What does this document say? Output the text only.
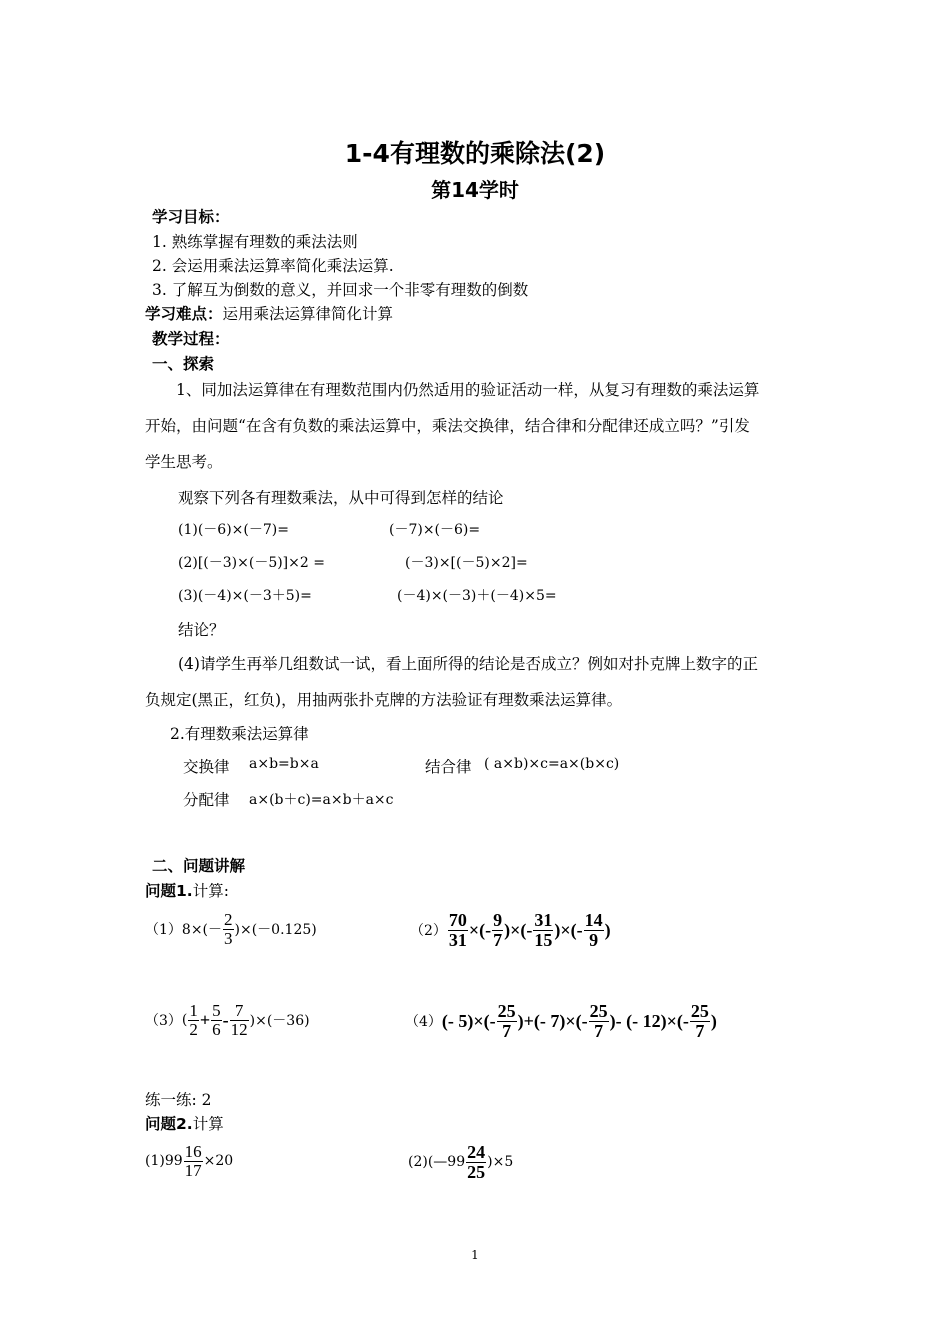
1-4有理数的乘除法(2)
第14学时
学习目标：
1. 熟练掌握有理数的乘法法则
2. 会运用乘法运算率简化乘法运算.
3. 了解互为倒数的意义，并回求一个非零有理数的倒数
学习难点：运用乘法运算律简化计算
教学过程：
一、探索
1、同加法运算律在有理数范围内仍然适用的验证活动一样，从复习有理数的乘法运算
开始，由问题“在含有负数的乘法运算中，乘法交换律，结合律和分配律还成立吗？”引发
学生思考。
观察下列各有理数乘法，从中可得到怎样的结论
(1)(－6)×(－7)=	(－7)×(－6)=
(2)[(－3)×(－5)]×2 =	(－3)×[(－5)×2]=
(3)(－4)×(－3＋5)=	(－4)×(－3)＋(－4)×5=
结论？
(4)请学生再举几组数试一试，看上面所得的结论是否成立？例如对扑克牌上数字的正
负规定(黑正，红负)，用抽两张扑克牌的方法验证有理数乘法运算律。
2.有理数乘法运算律
交换律 a×b=b×a	结合律 ( a×b)×c=a×(b×c)
分配律 a×(b＋c)=a×b＋a×c
二、问题讲解
问题1.计算:
（1） $8\times(- \frac{2}{3} )\times(-0.125)$	$(2) \frac{70}{31}$ ×(- $\frac{9}{7}$ )×(- $\frac{31}{15}$ )×(- $\frac{14}{9}$ )
（3） ( $\frac{1}{2} + \frac{5}{6} - \frac{7}{12} )\times(-36)$	（4） (- $5)\times(- \frac{25}{7}$ )+(- $7)\times(- \frac{25}{7}$ )- (- $12)\times(- \frac{25}{7}$ )
练一练: 2
问题2.计算
(1) $99 \frac{16}{17} \times 20$	(2) (—99 $\frac{24}{25} )\times 5$
1
